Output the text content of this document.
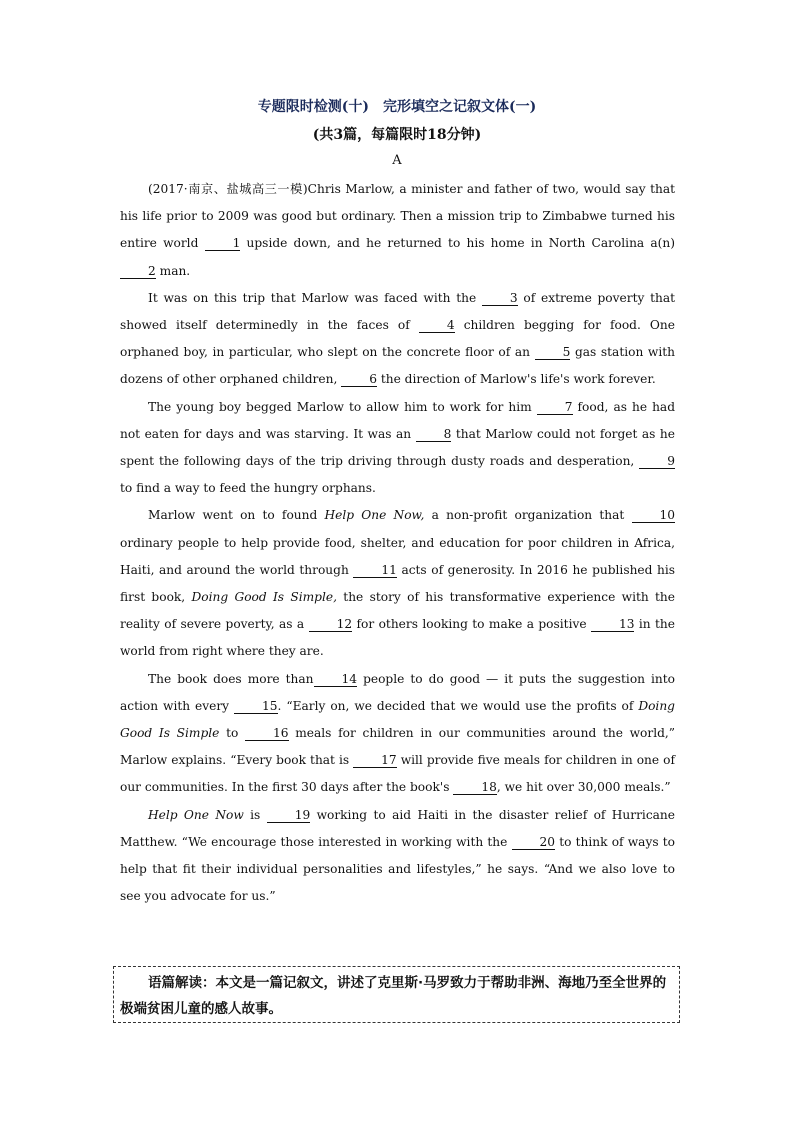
专题限时检测(十)　完形填空之记叙文体(一)
(共3篇，每篇限时18分钟)
A

(2017·南京、盐城高三一模)Chris Marlow, a minister and father of two, would say that his life prior to 2009 was good but ordinary. Then a mission trip to Zimbabwe turned his entire world 1 upside down, and he returned to his home in North Carolina a(n) 2 man.

It was on this trip that Marlow was faced with the 3 of extreme poverty that showed itself determinedly in the faces of 4 children begging for food. One orphaned boy, in particular, who slept on the concrete floor of an 5 gas station with dozens of other orphaned children, 6 the direction of Marlow's life's work forever.

The young boy begged Marlow to allow him to work for him 7 food, as he had not eaten for days and was starving. It was an 8 that Marlow could not forget as he spent the following days of the trip driving through dusty roads and desperation, 9 to find a way to feed the hungry orphans.

Marlow went on to found Help One Now, a non-profit organization that 10 ordinary people to help provide food, shelter, and education for poor children in Africa, Haiti, and around the world through 11 acts of generosity. In 2016 he published his first book, Doing Good Is Simple, the story of his transformative experience with the reality of severe poverty, as a 12 for others looking to make a positive 13 in the world from right where they are.

The book does more than 14 people to do good — it puts the suggestion into action with every 15. “Early on, we decided that we would use the profits of Doing Good Is Simple to 16 meals for children in our communities around the world,” Marlow explains. “Every book that is 17 will provide five meals for children in one of our communities. In the first 30 days after the book's 18, we hit over 30,000 meals.”

Help One Now is 19 working to aid Haiti in the disaster relief of Hurricane Matthew. “We encourage those interested in working with the 20 to think of ways to help that fit their individual personalities and lifestyles,” he says. “And we also love to see you advocate for us.”

语篇解读：本文是一篇记叙文，讲述了克里斯·马罗致力于帮助非洲、海地乃至全世界的极端贫困儿童的感人故事。
